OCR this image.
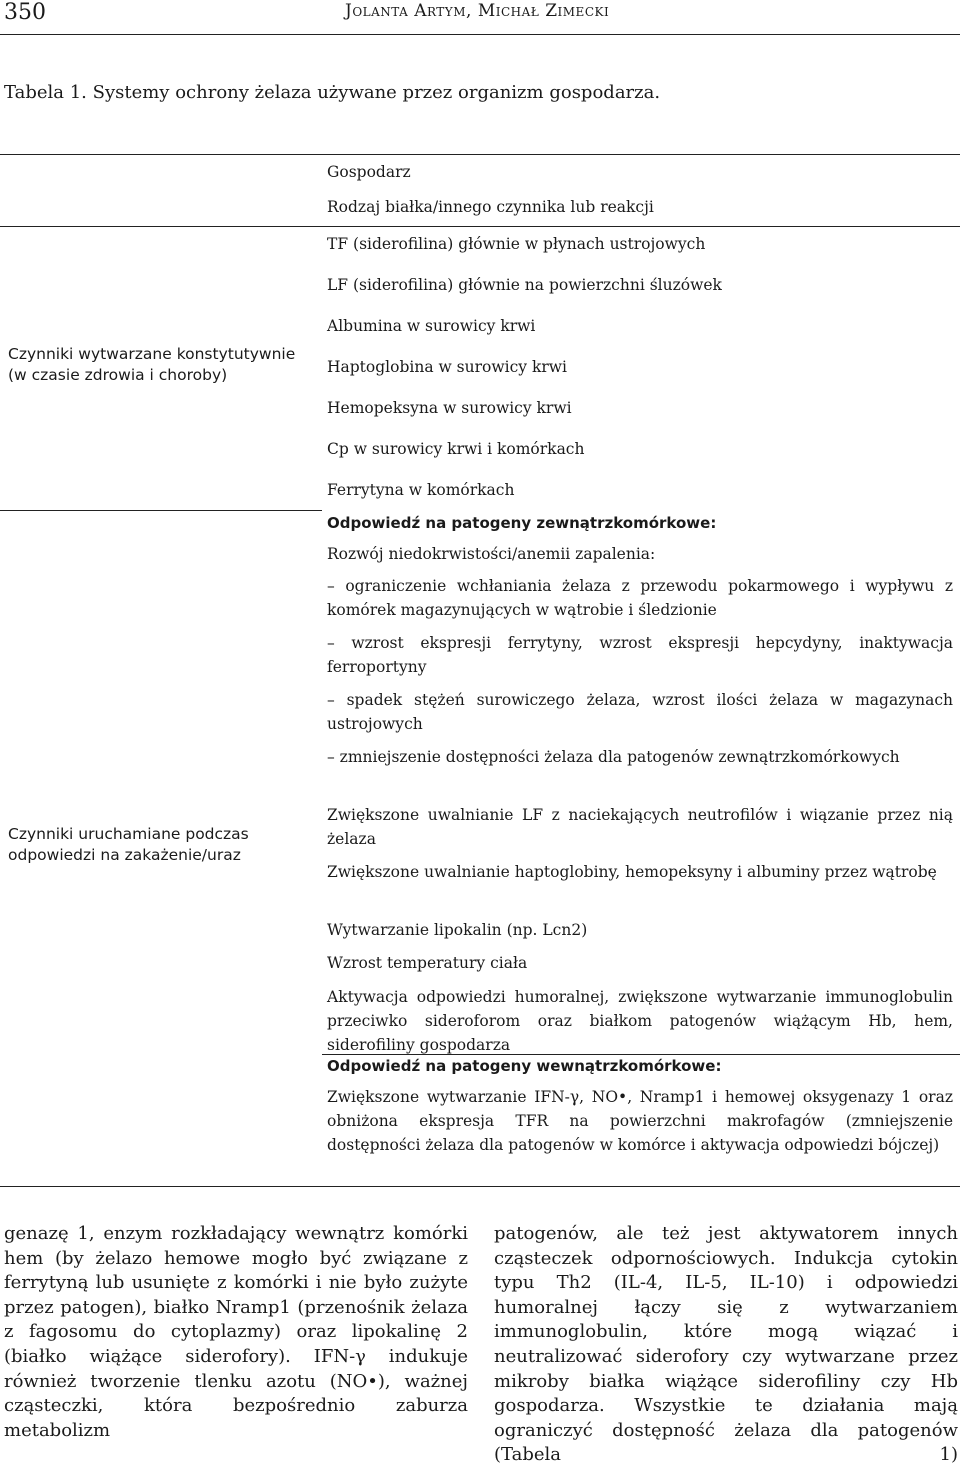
350	Jolanta Artym, Michał Zimecki
Tabela 1. Systemy ochrony żelaza używane przez organizm gospodarza.
Gospodarz
Rodzaj białka/innego czynnika lub reakcji
Czynniki wytwarzane konstytutywnie (w czasie zdrowia i choroby)
TF (siderofilina) głównie w płynach ustrojowych
LF (siderofilina) głównie na powierzchni śluzówek
Albumina w surowicy krwi
Haptoglobina w surowicy krwi
Hemopeksyna w surowicy krwi
Cp w surowicy krwi i komórkach
Ferrytyna w komórkach
Czynniki uruchamiane podczas odpowiedzi na zakażenie/uraz
Odpowiedź na patogeny zewnątrzkomórkowe:
Rozwój niedokrwistości/anemii zapalenia:
– ograniczenie wchłaniania żelaza z przewodu pokarmowego i wypływu z komórek magazynujących w wątrobie i śledzionie
– wzrost ekspresji ferrytyny, wzrost ekspresji hepcydyny, inaktywacja ferroportyny
– spadek stężeń surowiczego żelaza, wzrost ilości żelaza w magazynach ustrojowych
– zmniejszenie dostępności żelaza dla patogenów zewnątrzkomórkowych
Zwiększone uwalnianie LF z naciekających neutrofilów i wiązanie przez nią żelaza
Zwiększone uwalnianie haptoglobiny, hemopeksyny i albuminy przez wątrobę
Wytwarzanie lipokalin (np. Lcn2)
Wzrost temperatury ciała
Aktywacja odpowiedzi humoralnej, zwiększone wytwarzanie immunoglobulin przeciwko sideroforom oraz białkom patogenów wiążącym Hb, hem, siderofiliny gospodarza
Odpowiedź na patogeny wewnątrzkomórkowe:
Zwiększone wytwarzanie IFN-γ, NO•, Nramp1 i hemowej oksygenazy 1 oraz obniżona ekspresja TFR na powierzchni makrofagów (zmniejszenie dostępności żelaza dla patogenów w komórce i aktywacja odpowiedzi bójczej)
genazę 1, enzym rozkładający wewnątrz komórki hem (by żelazo hemowe mogło być związane z ferrytyną lub usunięte z komórki i nie było zużyte przez patogen), białko Nramp1 (przenośnik żelaza z fagosomu do cytoplazmy) oraz lipokalinę 2 (białko wiążące siderofory). IFN-γ indukuje również tworzenie tlenku azotu (NO•), ważnej cząsteczki, która bezpośrednio zaburza metabolizm
patogenów, ale też jest aktywatorem innych cząsteczek odpornościowych. Indukcja cytokin typu Th2 (IL-4, IL-5, IL-10) i odpowiedzi humoralnej łączy się z wytwarzaniem immunoglobulin, które mogą wiązać i neutralizować siderofory czy wytwarzane przez mikroby białka wiążące siderofiliny czy Hb gospodarza. Wszystkie te działania mają ograniczyć dostępność żelaza dla patogenów (Tabela 1)
